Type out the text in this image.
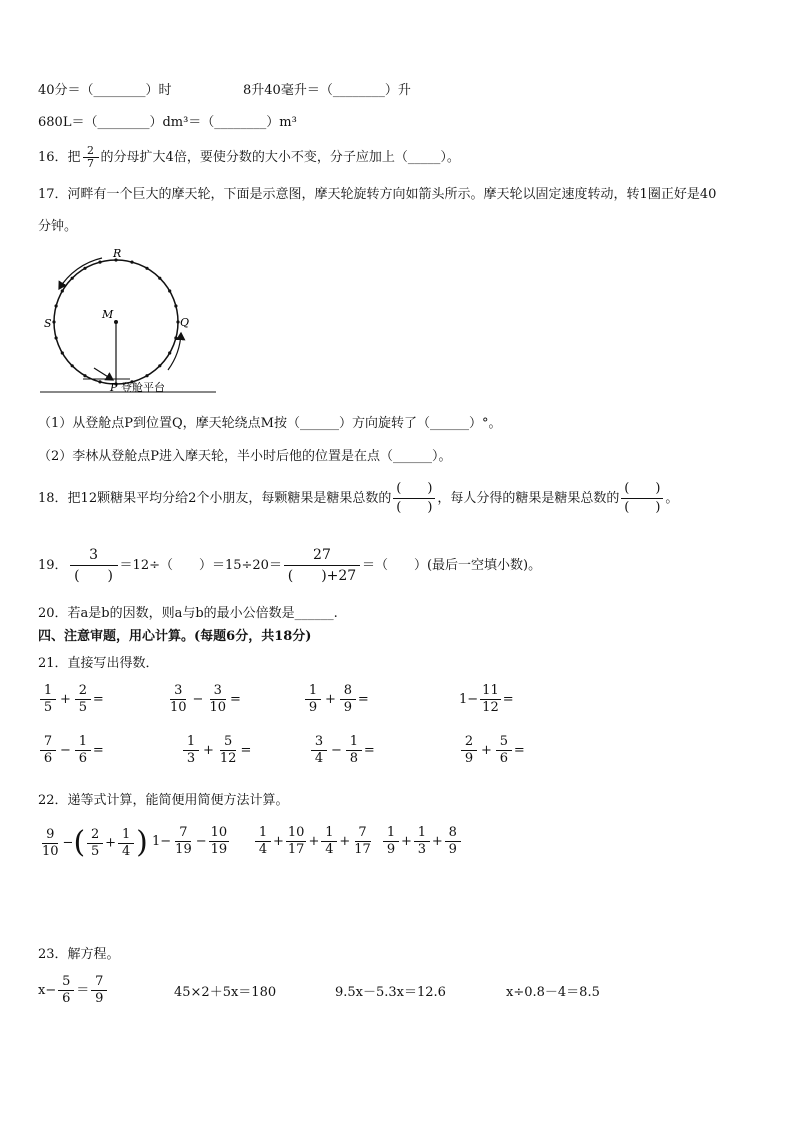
40分＝（________）时	8升40毫升＝（________）升
680L＝（________）dm³＝（________）m³
16．把 $\frac{2}{7}$ 的分母扩大4倍，要使分数的大小不变，分子应加上（_____）。
17．河畔有一个巨大的摩天轮，下面是示意图，摩天轮旋转方向如箭头所示。摩天轮以固定速度转动，转1圈正好是40
分钟。
R
S	Q
M
P 登舱平台
（1）从登舱点P到位置Q，摩天轮绕点M按（______）方向旋转了（______）°。
（2）李林从登舱点P进入摩天轮，半小时后他的位置是在点（______）。
18．把12颗糖果平均分给2个小朋友，每颗糖果是糖果总数的
(　　)
(　　)
，每人分得的糖果是糖果总数的
(　　)
(　　)
。
19． $\frac{3}{( )} =12\div$（　　）$=15\div 20= \frac{27}{( )+27}$ ＝（　　）(最后一空填小数)。
20．若a是b的因数，则a与b的最小公倍数是______.
四、注意审题，用心计算。(每题6分，共18分)
21．直接写出得数．
$\frac{1}{5} + \frac{2}{5}$ =	$\frac{3}{10} - \frac{3}{10}$ =	$\frac{1}{9} + \frac{8}{9}$ =	$1- \frac{11}{12}$ =
$\frac{7}{6} - \frac{1}{6}$ =	$\frac{1}{3} + \frac{5}{12}$ =	$\frac{3}{4} - \frac{1}{8}$ =	$\frac{2}{9} + \frac{5}{6}$ =
22．递等式计算，能简便用简便方法计算。
$\frac{9}{10}$ −( $\frac{2}{5} + \frac{1}{4}$ ) $1- \frac{7}{19} - \frac{10}{19} \frac{1}{4} + \frac{10}{17} + \frac{1}{4} + \frac{7}{17} \frac{1}{9} + \frac{1}{3} + \frac{8}{9}$
23．解方程。
$x- \frac{5}{6} = \frac{7}{9}$	45×2＋5x＝180	9.5x－5.3x＝12.6	x÷0.8－4＝8.5
